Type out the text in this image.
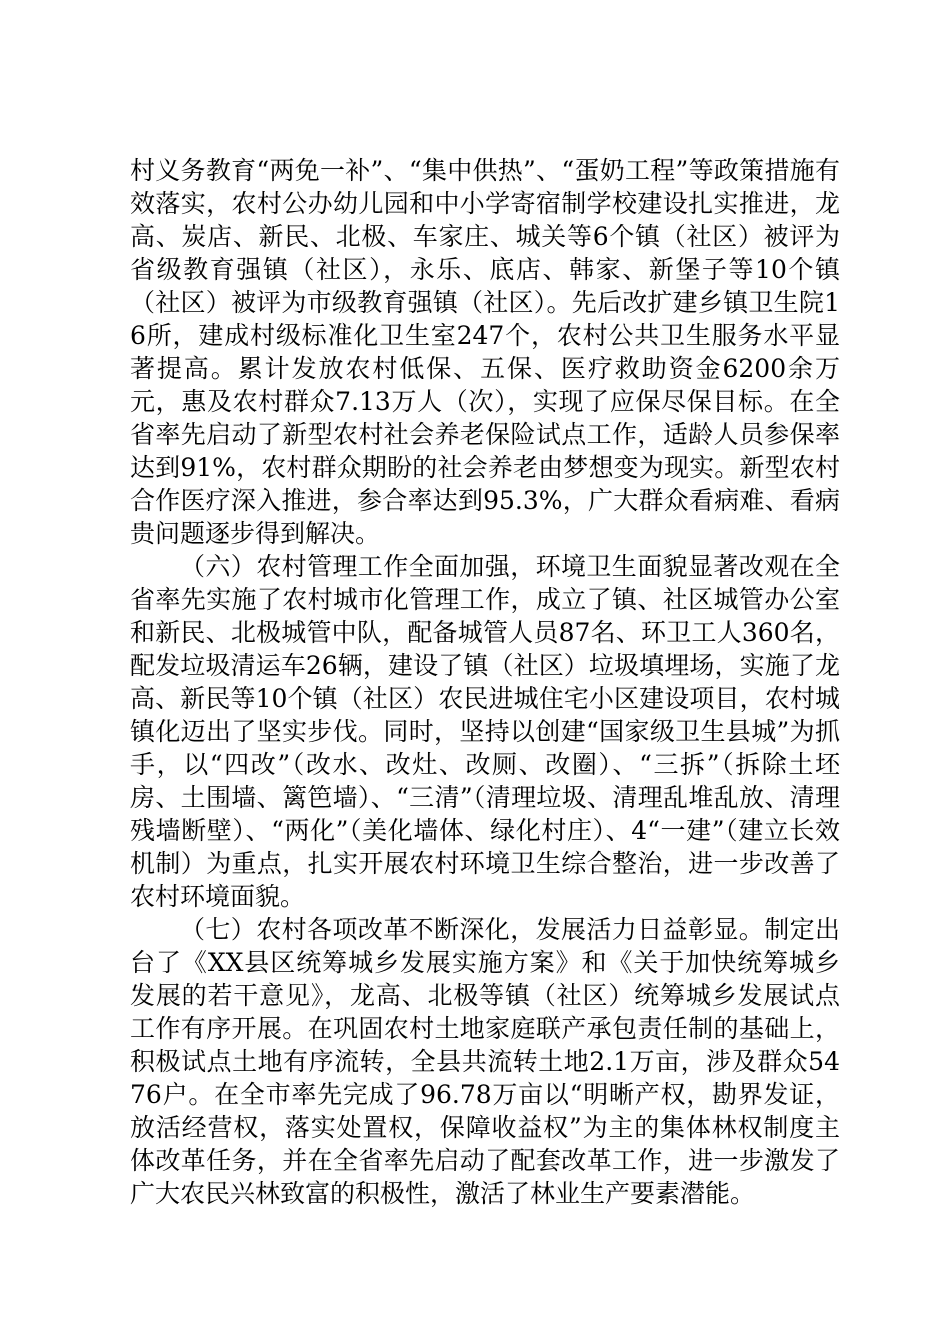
村义务教育“两免一补”、“集中供热”、“蛋奶工程”等政策措施有效落实，农村公办幼儿园和中小学寄宿制学校建设扎实推进，龙高、炭店、新民、北极、车家庄、城关等6个镇（社区）被评为省级教育强镇（社区），永乐、底店、韩家、新堡子等10个镇（社区）被评为市级教育强镇（社区）。先后改扩建乡镇卫生院16所，建成村级标准化卫生室247个，农村公共卫生服务水平显著提高。累计发放农村低保、五保、医疗救助资金6200余万元，惠及农村群众7.13万人（次），实现了应保尽保目标。在全省率先启动了新型农村社会养老保险试点工作，适龄人员参保率达到91%，农村群众期盼的社会养老由梦想变为现实。新型农村合作医疗深入推进，参合率达到95.3%，广大群众看病难、看病贵问题逐步得到解决。

（六）农村管理工作全面加强，环境卫生面貌显著改观在全省率先实施了农村城市化管理工作，成立了镇、社区城管办公室和新民、北极城管中队，配备城管人员87名、环卫工人360名，配发垃圾清运车26辆，建设了镇（社区）垃圾填埋场，实施了龙高、新民等10个镇（社区）农民进城住宅小区建设项目，农村城镇化迈出了坚实步伐。同时，坚持以创建“国家级卫生县城”为抓手，以“四改”（改水、改灶、改厕、改圈）、“三拆”（拆除土坯房、土围墙、篱笆墙）、“三清”（清理垃圾、清理乱堆乱放、清理残墙断壁）、“两化”（美化墙体、绿化村庄）、4“一建”（建立长效机制）为重点，扎实开展农村环境卫生综合整治，进一步改善了农村环境面貌。

（七）农村各项改革不断深化，发展活力日益彰显。制定出台了《XX县区统筹城乡发展实施方案》和《关于加快统筹城乡发展的若干意见》，龙高、北极等镇（社区）统筹城乡发展试点工作有序开展。在巩固农村土地家庭联产承包责任制的基础上，积极试点土地有序流转，全县共流转土地2.1万亩，涉及群众5476户。在全市率先完成了96.78万亩以“明晰产权，勘界发证，放活经营权，落实处置权，保障收益权”为主的集体林权制度主体改革任务，并在全省率先启动了配套改革工作，进一步激发了广大农民兴林致富的积极性，激活了林业生产要素潜能。
